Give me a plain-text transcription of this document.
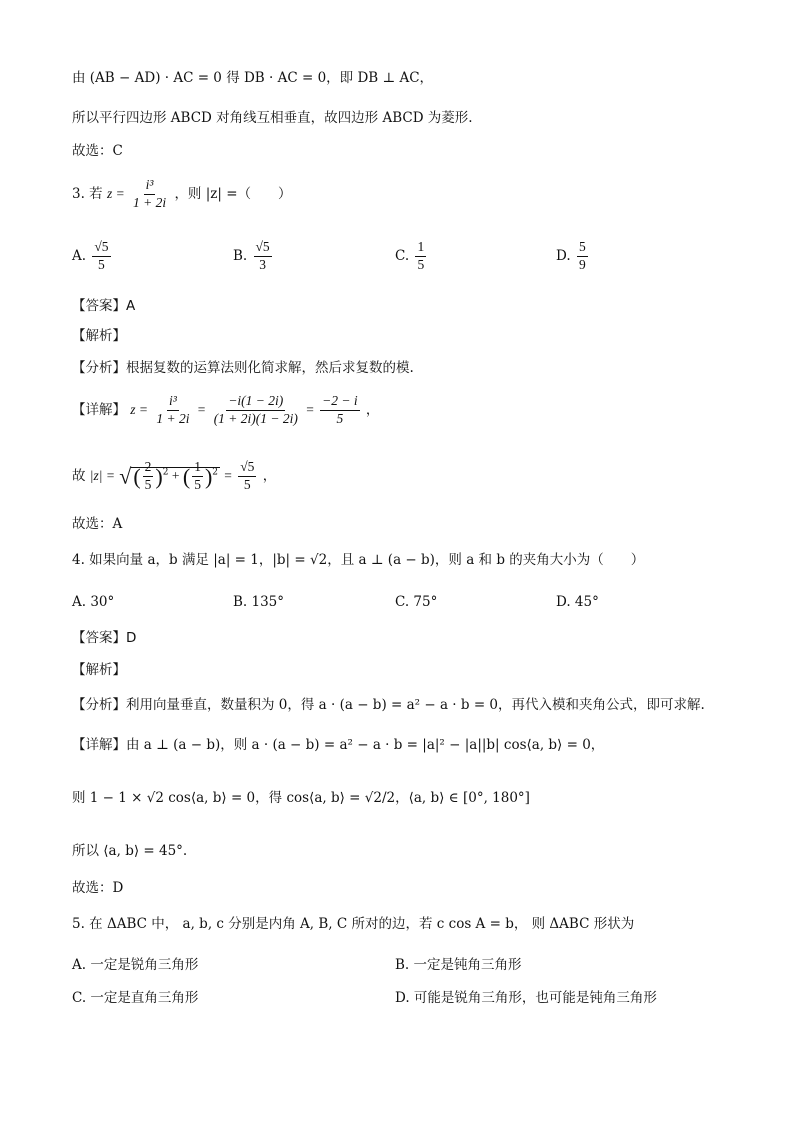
由 (AB − AD) · AC = 0 得 DB · AC = 0，即 DB ⊥ AC，
所以平行四边形 ABCD 对角线互相垂直，故四边形 ABCD 为菱形.
故选：C
3. 若 $z = \frac{\text{i³}}{1 + 2i}$ ，则 |z| =（　　）
A. $\frac{√5}{5}$	B. $\frac{√5}{3}$	C. $\frac{1}{5}$	D. $\frac{5}{9}$
【答案】A
【解析】
【分析】根据复数的运算法则化简求解，然后求复数的模.
【详解】 $z = \frac{\text{i³}}{1 + 2i} = \frac{-i(1 - 2i)}{(1 + 2i)(1 - 2i)} = \frac{-2 - i}{5}$ ，
故 |z| = √( $\frac{2}{5} )^2$ + ( $\frac{1}{5} )^2 = \frac{√5}{5}$ ，
故选：A
4. 如果向量 a，b 满足 |a| = 1，|b| = √2，且 a ⊥ (a − b)，则 a 和 b 的夹角大小为（　　）
A. 30°	B. 135°	C. 75°	D. 45°
【答案】D
【解析】
【分析】利用向量垂直，数量积为 0，得 a · (a − b) = a² − a · b = 0，再代入模和夹角公式，即可求解.
【详解】由 a ⊥ (a − b)，则 a · (a − b) = a² − a · b = |a|² − |a||b| cos⟨a, b⟩ = 0，
则 1 − 1 × √2 cos⟨a, b⟩ = 0，得 cos⟨a, b⟩ = √2/2，⟨a, b⟩ ∈ [0°, 180°]
所以 ⟨a, b⟩ = 45°.
故选：D
5. 在 ΔABC 中， a, b, c 分别是内角 A, B, C 所对的边，若 c cos A = b， 则 ΔABC 形状为
A. 一定是锐角三角形	B. 一定是钝角三角形
C. 一定是直角三角形	D. 可能是锐角三角形，也可能是钝角三角形
